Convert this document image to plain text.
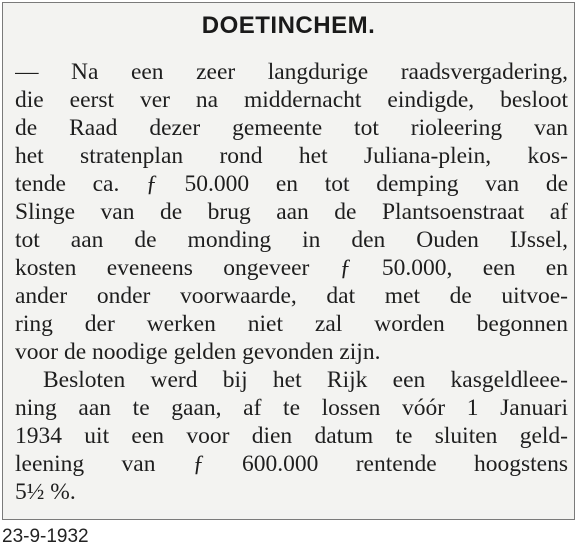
DOETINCHEM.
— Na een zeer langdurige raadsvergadering,
die eerst ver na middernacht eindigde, besloot
de Raad dezer gemeente tot rioleering van
het stratenplan rond het Juliana-plein, kos-
tende ca. ƒ 50.000 en tot demping van de
Slinge van de brug aan de Plantsoenstraat af
tot aan de monding in den Ouden IJssel,
kosten eveneens ongeveer ƒ 50.000, een en
ander onder voorwaarde, dat met de uitvoe-
ring der werken niet zal worden begonnen
voor de noodige gelden gevonden zijn.
Besloten werd bij het Rijk een kasgeldleee-
ning aan te gaan, af te lossen vóór 1 Januari
1934 uit een voor dien datum te sluiten geld-
leening van ƒ 600.000 rentende hoogstens
5½ %.
23-9-1932
